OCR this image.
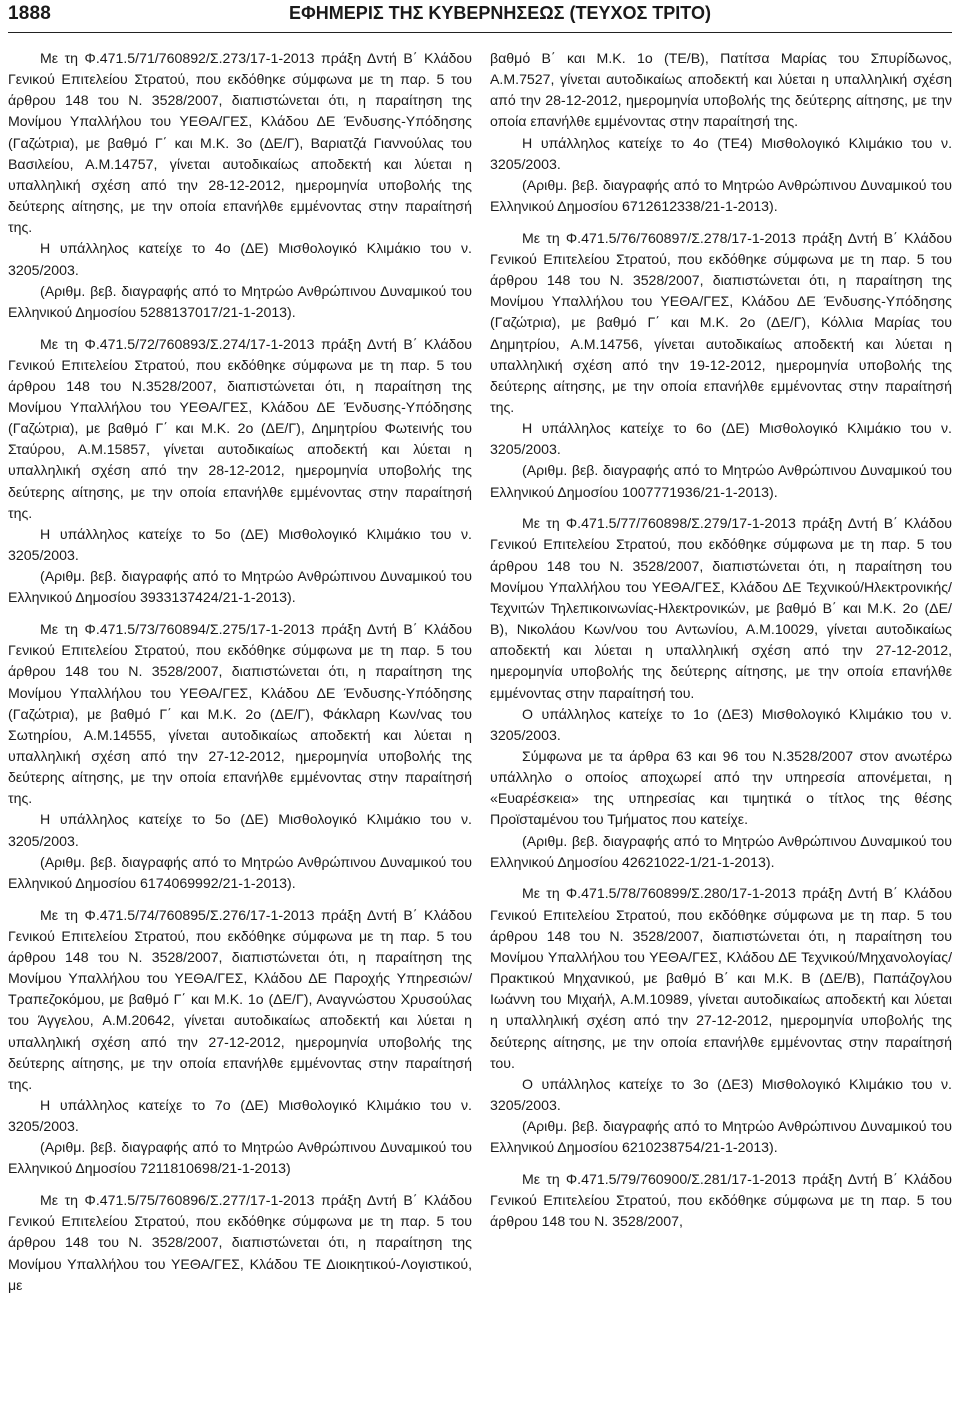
1888	ΕΦΗΜΕΡΙΣ ΤΗΣ ΚΥΒΕΡΝΗΣΕΩΣ (ΤΕΥΧΟΣ ΤΡΙΤΟ)

Με τη Φ.471.5/71/760892/Σ.273/17-1-2013 πράξη Δντή Β΄ Κλάδου Γενικού Επιτελείου Στρατού, που εκδόθηκε σύμφωνα με τη παρ. 5 του άρθρου 148 του Ν. 3528/2007, διαπιστώνεται ότι, η παραίτηση της Μονίμου Υπαλλήλου του ΥΕΘΑ/ΓΕΣ, Κλάδου ΔΕ Ένδυσης-Υπόδησης (Γαζώτρια), με βαθμό Γ΄ και Μ.Κ. 3ο (ΔΕ/Γ), Βαριατζά Γιαννούλας του Βασιλείου, Α.Μ.14757, γίνεται αυτοδικαίως αποδεκτή και λύεται η υπαλληλική σχέση από την 28-12-2012, ημερομηνία υποβολής της δεύτερης αίτησης, με την οποία επανήλθε εμμένοντας στην παραίτησή της.

Η υπάλληλος κατείχε το 4ο (ΔΕ) Μισθολογικό Κλιμάκιο του ν. 3205/2003.

(Αριθμ. βεβ. διαγραφής από το Μητρώο Ανθρώπινου Δυναμικού του Ελληνικού Δημοσίου 5288137017/21-1-2013).

Με τη Φ.471.5/72/760893/Σ.274/17-1-2013 πράξη Δντή Β΄ Κλάδου Γενικού Επιτελείου Στρατού, που εκδόθηκε σύμφωνα με τη παρ. 5 του άρθρου 148 του Ν.3528/2007, διαπιστώνεται ότι, η παραίτηση της Μονίμου Υπαλλήλου του ΥΕΘΑ/ΓΕΣ, Κλάδου ΔΕ Ένδυσης-Υπόδησης (Γαζώτρια), με βαθμό Γ΄ και Μ.Κ. 2ο (ΔΕ/Γ), Δημητρίου Φωτεινής του Σταύρου, Α.Μ.15857, γίνεται αυτοδικαίως αποδεκτή και λύεται η υπαλληλική σχέση από την 28-12-2012, ημερομηνία υποβολής της δεύτερης αίτησης, με την οποία επανήλθε εμμένοντας στην παραίτησή της.

Η υπάλληλος κατείχε το 5ο (ΔΕ) Μισθολογικό Κλιμάκιο του ν. 3205/2003.

(Αριθμ. βεβ. διαγραφής από το Μητρώο Ανθρώπινου Δυναμικού του Ελληνικού Δημοσίου 3933137424/21-1-2013).

Με τη Φ.471.5/73/760894/Σ.275/17-1-2013 πράξη Δντή Β΄ Κλάδου Γενικού Επιτελείου Στρατού, που εκδόθηκε σύμφωνα με τη παρ. 5 του άρθρου 148 του Ν. 3528/2007, διαπιστώνεται ότι, η παραίτηση της Μονίμου Υπαλλήλου του ΥΕΘΑ/ΓΕΣ, Κλάδου ΔΕ Ένδυσης-Υπόδησης (Γαζώτρια), με βαθμό Γ΄ και Μ.Κ. 2ο (ΔΕ/Γ), Φάκλαρη Κων/νας του Σωτηρίου, Α.Μ.14555, γίνεται αυτοδικαίως αποδεκτή και λύεται η υπαλληλική σχέση από την 27-12-2012, ημερομηνία υποβολής της δεύτερης αίτησης, με την οποία επανήλθε εμμένοντας στην παραίτησή της.

Η υπάλληλος κατείχε το 5ο (ΔΕ) Μισθολογικό Κλιμάκιο του ν. 3205/2003.

(Αριθμ. βεβ. διαγραφής από το Μητρώο Ανθρώπινου Δυναμικού του Ελληνικού Δημοσίου 6174069992/21-1-2013).

Με τη Φ.471.5/74/760895/Σ.276/17-1-2013 πράξη Δντή Β΄ Κλάδου Γενικού Επιτελείου Στρατού, που εκδόθηκε σύμφωνα με τη παρ. 5 του άρθρου 148 του Ν. 3528/2007, διαπιστώνεται ότι, η παραίτηση της Μονίμου Υπαλλήλου του ΥΕΘΑ/ΓΕΣ, Κλάδου ΔΕ Παροχής Υπηρεσιών/Τραπεζοκόμου, με βαθμό Γ΄ και Μ.Κ. 1ο (ΔΕ/Γ), Αναγνώστου Χρυσούλας του Άγγελου, Α.Μ.20642, γίνεται αυτοδικαίως αποδεκτή και λύεται η υπαλληλική σχέση από την 27-12-2012, ημερομηνία υποβολής της δεύτερης αίτησης, με την οποία επανήλθε εμμένοντας στην παραίτησή της.

Η υπάλληλος κατείχε το 7ο (ΔΕ) Μισθολογικό Κλιμάκιο του ν. 3205/2003.

(Αριθμ. βεβ. διαγραφής από το Μητρώο Ανθρώπινου Δυναμικού του Ελληνικού Δημοσίου 7211810698/21-1-2013)

Με τη Φ.471.5/75/760896/Σ.277/17-1-2013 πράξη Δντή Β΄ Κλάδου Γενικού Επιτελείου Στρατού, που εκδόθηκε σύμφωνα με τη παρ. 5 του άρθρου 148 του Ν. 3528/2007, διαπιστώνεται ότι, η παραίτηση της Μονίμου Υπαλλήλου του ΥΕΘΑ/ΓΕΣ, Κλάδου ΤΕ Διοικητικού-Λογιστικού, με

βαθμό Β΄ και Μ.Κ. 1ο (ΤΕ/Β), Πατίτσα Μαρίας του Σπυρίδωνος, Α.Μ.7527, γίνεται αυτοδικαίως αποδεκτή και λύεται η υπαλληλική σχέση από την 28-12-2012, ημερομηνία υποβολής της δεύτερης αίτησης, με την οποία επανήλθε εμμένοντας στην παραίτησή της.

Η υπάλληλος κατείχε το 4ο (ΤΕ4) Μισθολογικό Κλιμάκιο του ν. 3205/2003.

(Αριθμ. βεβ. διαγραφής από το Μητρώο Ανθρώπινου Δυναμικού του Ελληνικού Δημοσίου 6712612338/21-1-2013).

Με τη Φ.471.5/76/760897/Σ.278/17-1-2013 πράξη Δντή Β΄ Κλάδου Γενικού Επιτελείου Στρατού, που εκδόθηκε σύμφωνα με τη παρ. 5 του άρθρου 148 του Ν. 3528/2007, διαπιστώνεται ότι, η παραίτηση της Μονίμου Υπαλλήλου του ΥΕΘΑ/ΓΕΣ, Κλάδου ΔΕ Ένδυσης-Υπόδησης (Γαζώτρια), με βαθμό Γ΄ και Μ.Κ. 2ο (ΔΕ/Γ), Κόλλια Μαρίας του Δημητρίου, Α.Μ.14756, γίνεται αυτοδικαίως αποδεκτή και λύεται η υπαλληλική σχέση από την 19-12-2012, ημερομηνία υποβολής της δεύτερης αίτησης, με την οποία επανήλθε εμμένοντας στην παραίτησή της.

Η υπάλληλος κατείχε το 6ο (ΔΕ) Μισθολογικό Κλιμάκιο του ν. 3205/2003.

(Αριθμ. βεβ. διαγραφής από το Μητρώο Ανθρώπινου Δυναμικού του Ελληνικού Δημοσίου 1007771936/21-1-2013).

Με τη Φ.471.5/77/760898/Σ.279/17-1-2013 πράξη Δντή Β΄ Κλάδου Γενικού Επιτελείου Στρατού, που εκδόθηκε σύμφωνα με τη παρ. 5 του άρθρου 148 του Ν. 3528/2007, διαπιστώνεται ότι, η παραίτηση του Μονίμου Υπαλλήλου του ΥΕΘΑ/ΓΕΣ, Κλάδου ΔΕ Τεχνικού/Ηλεκτρονικής/ Τεχνιτών Τηλεπικοινωνίας-Ηλεκτρονικών, με βαθμό Β΄ και Μ.Κ. 2ο (ΔΕ/Β), Νικολάου Κων/νου του Αντωνίου, Α.Μ.10029, γίνεται αυτοδικαίως αποδεκτή και λύεται η υπαλληλική σχέση από την 27-12-2012, ημερομηνία υποβολής της δεύτερης αίτησης, με την οποία επανήλθε εμμένοντας στην παραίτησή του.

Ο υπάλληλος κατείχε το 1ο (ΔΕ3) Μισθολογικό Κλιμάκιο του ν. 3205/2003.

Σύμφωνα με τα άρθρα 63 και 96 του Ν.3528/2007 στον ανωτέρω υπάλληλο ο οποίος αποχωρεί από την υπηρεσία απονέμεται, η «Ευαρέσκεια» της υπηρεσίας και τιμητικά ο τίτλος της θέσης Προϊσταμένου του Τμήματος που κατείχε.

(Αριθμ. βεβ. διαγραφής από το Μητρώο Ανθρώπινου Δυναμικού του Ελληνικού Δημοσίου 42621022-1/21-1-2013).

Με τη Φ.471.5/78/760899/Σ.280/17-1-2013 πράξη Δντή Β΄ Κλάδου Γενικού Επιτελείου Στρατού, που εκδόθηκε σύμφωνα με τη παρ. 5 του άρθρου 148 του Ν. 3528/2007, διαπιστώνεται ότι, η παραίτηση του Μονίμου Υπαλλήλου του ΥΕΘΑ/ΓΕΣ, Κλάδου ΔΕ Τεχνικού/Μηχανολογίας/ Πρακτικού Μηχανικού, με βαθμό Β΄ και Μ.Κ. Β (ΔΕ/Β), Παπάζογλου Ιωάννη του Μιχαήλ, Α.Μ.10989, γίνεται αυτοδικαίως αποδεκτή και λύεται η υπαλληλική σχέση από την 27-12-2012, ημερομηνία υποβολής της δεύτερης αίτησης, με την οποία επανήλθε εμμένοντας στην παραίτησή του.

Ο υπάλληλος κατείχε το 3ο (ΔΕ3) Μισθολογικό Κλιμάκιο του ν. 3205/2003.

(Αριθμ. βεβ. διαγραφής από το Μητρώο Ανθρώπινου Δυναμικού του Ελληνικού Δημοσίου 6210238754/21-1-2013).

Με τη Φ.471.5/79/760900/Σ.281/17-1-2013 πράξη Δντή Β΄ Κλάδου Γενικού Επιτελείου Στρατού, που εκδόθηκε σύμφωνα με τη παρ. 5 του άρθρου 148 του Ν. 3528/2007,
